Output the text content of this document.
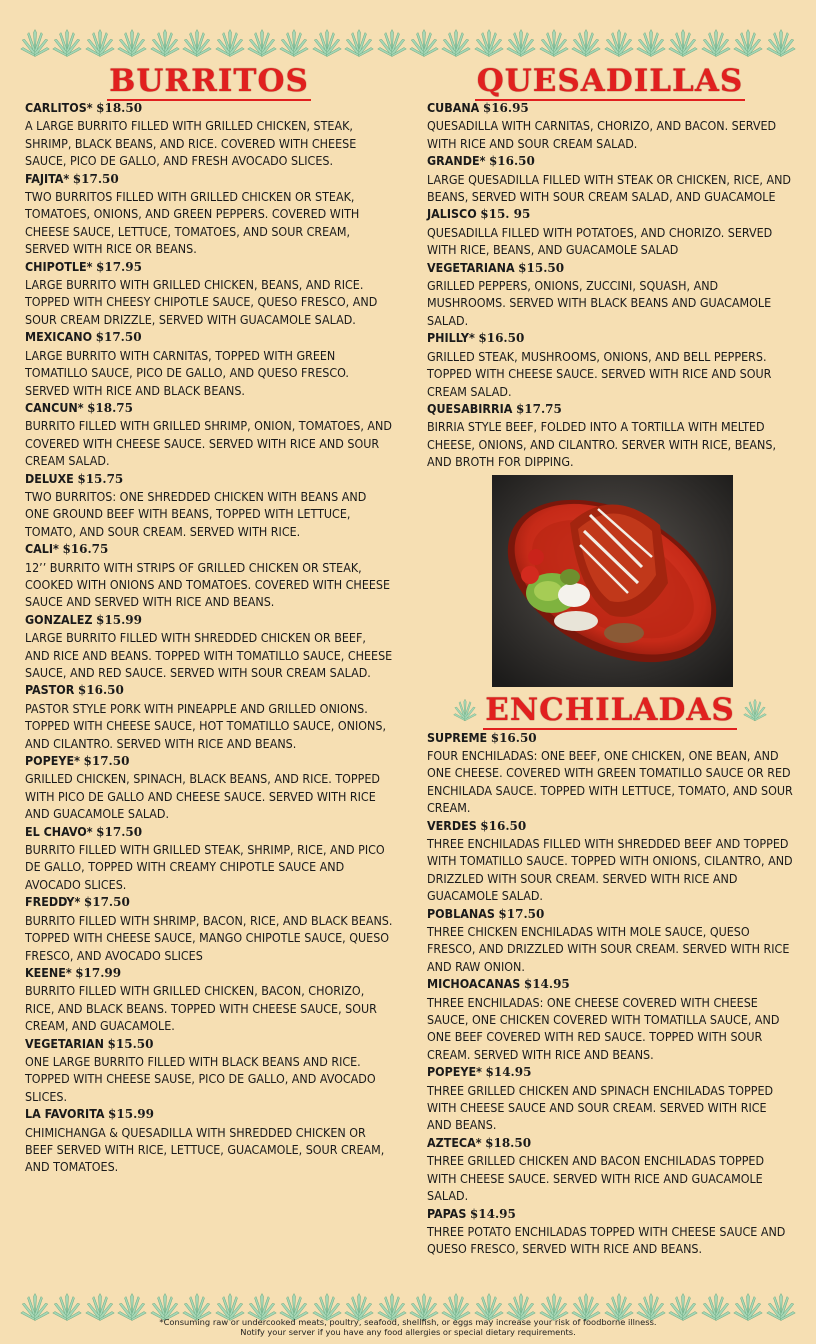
BURRITOS

CARLITOS* $18.50
A LARGE BURRITO FILLED WITH GRILLED CHICKEN, STEAK, SHRIMP, BLACK BEANS, AND RICE. COVERED WITH CHEESE SAUCE, PICO DE GALLO, AND FRESH AVOCADO SLICES.

FAJITA* $17.50
TWO BURRITOS FILLED WITH GRILLED CHICKEN OR STEAK, TOMATOES, ONIONS, AND GREEN PEPPERS. COVERED WITH CHEESE SAUCE, LETTUCE, TOMATOES, AND SOUR CREAM, SERVED WITH RICE OR BEANS.

CHIPOTLE* $17.95
LARGE BURRITO WITH GRILLED CHICKEN, BEANS, AND RICE. TOPPED WITH CHEESY CHIPOTLE SAUCE, QUESO FRESCO, AND SOUR CREAM DRIZZLE, SERVED WITH GUACAMOLE SALAD.

MEXICANO $17.50
LARGE BURRITO WITH CARNITAS, TOPPED WITH GREEN TOMATILLO SAUCE, PICO DE GALLO, AND QUESO FRESCO. SERVED WITH RICE AND BLACK BEANS.

CANCUN* $18.75
BURRITO FILLED WITH GRILLED SHRIMP, ONION, TOMATOES, AND COVERED WITH CHEESE SAUCE. SERVED WITH RICE AND SOUR CREAM SALAD.

DELUXE $15.75
TWO BURRITOS: ONE SHREDDED CHICKEN WITH BEANS AND ONE GROUND BEEF WITH BEANS, TOPPED WITH LETTUCE, TOMATO, AND SOUR CREAM. SERVED WITH RICE.

CALI* $16.75
12’’ BURRITO WITH STRIPS OF GRILLED CHICKEN OR STEAK, COOKED WITH ONIONS AND TOMATOES. COVERED WITH CHEESE SAUCE AND SERVED WITH RICE AND BEANS.

GONZALEZ $15.99
LARGE BURRITO FILLED WITH SHREDDED CHICKEN OR BEEF, AND RICE AND BEANS. TOPPED WITH TOMATILLO SAUCE, CHEESE SAUCE, AND RED SAUCE. SERVED WITH SOUR CREAM SALAD.

PASTOR $16.50
PASTOR STYLE PORK WITH PINEAPPLE AND GRILLED ONIONS. TOPPED WITH CHEESE SAUCE, HOT TOMATILLO SAUCE, ONIONS, AND CILANTRO. SERVED WITH RICE AND BEANS.

POPEYE* $17.50
GRILLED CHICKEN, SPINACH, BLACK BEANS, AND RICE. TOPPED WITH PICO DE GALLO AND CHEESE SAUCE. SERVED WITH RICE AND GUACAMOLE SALAD.

EL CHAVO* $17.50
BURRITO FILLED WITH GRILLED STEAK, SHRIMP, RICE, AND PICO DE GALLO, TOPPED WITH CREAMY CHIPOTLE SAUCE AND AVOCADO SLICES.

FREDDY* $17.50
BURRITO FILLED WITH SHRIMP, BACON, RICE, AND BLACK BEANS. TOPPED WITH CHEESE SAUCE, MANGO CHIPOTLE SAUCE, QUESO FRESCO, AND AVOCADO SLICES

KEENE* $17.99
BURRITO FILLED WITH GRILLED CHICKEN, BACON, CHORIZO, RICE, AND BLACK BEANS. TOPPED WITH CHEESE SAUCE, SOUR CREAM, AND GUACAMOLE.

VEGETARIAN $15.50
ONE LARGE BURRITO FILLED WITH BLACK BEANS AND RICE. TOPPED WITH CHEESE SAUSE, PICO DE GALLO, AND AVOCADO SLICES.

LA FAVORITA $15.99
CHIMICHANGA & QUESADILLA WITH SHREDDED CHICKEN OR BEEF SERVED WITH RICE, LETTUCE, GUACAMOLE, SOUR CREAM, AND TOMATOES.

QUESADILLAS

CUBANA $16.95
QUESADILLA WITH CARNITAS, CHORIZO, AND BACON. SERVED WITH RICE AND SOUR CREAM SALAD.

GRANDE* $16.50
LARGE QUESADILLA FILLED WITH STEAK OR CHICKEN, RICE, AND BEANS, SERVED WITH SOUR CREAM SALAD, AND GUACAMOLE

JALISCO $15. 95
QUESADILLA FILLED WITH POTATOES, AND CHORIZO. SERVED WITH RICE, BEANS, AND GUACAMOLE SALAD

VEGETARIANA $15.50
GRILLED PEPPERS, ONIONS, ZUCCINI, SQUASH, AND MUSHROOMS. SERVED WITH BLACK BEANS AND GUACAMOLE SALAD.

PHILLY* $16.50
GRILLED STEAK, MUSHROOMS, ONIONS, AND BELL PEPPERS. TOPPED WITH CHEESE SAUCE. SERVED WITH RICE AND SOUR CREAM SALAD.

QUESABIRRIA $17.75
BIRRIA STYLE BEEF, FOLDED INTO A TORTILLA WITH MELTED CHEESE, ONIONS, AND CILANTRO. SERVER WITH RICE, BEANS, AND BROTH FOR DIPPING.

ENCHILADAS

SUPREME $16.50
FOUR ENCHILADAS: ONE BEEF, ONE CHICKEN, ONE BEAN, AND ONE CHEESE. COVERED WITH GREEN TOMATILLO SAUCE OR RED ENCHILADA SAUCE. TOPPED WITH LETTUCE, TOMATO, AND SOUR CREAM.

VERDES $16.50
THREE ENCHILADAS FILLED WITH SHREDDED BEEF AND TOPPED WITH TOMATILLO SAUCE. TOPPED WITH ONIONS, CILANTRO, AND DRIZZLED WITH SOUR CREAM. SERVED WITH RICE AND GUACAMOLE SALAD.

POBLANAS $17.50
THREE CHICKEN ENCHILADAS WITH MOLE SAUCE, QUESO FRESCO, AND DRIZZLED WITH SOUR CREAM. SERVED WITH RICE AND RAW ONION.

MICHOACANAS $14.95
THREE ENCHILADAS: ONE CHEESE COVERED WITH CHEESE SAUCE, ONE CHICKEN COVERED WITH TOMATILLA SAUCE, AND ONE BEEF COVERED WITH RED SAUCE. TOPPED WITH SOUR CREAM. SERVED WITH RICE AND BEANS.

POPEYE* $14.95
THREE GRILLED CHICKEN AND SPINACH ENCHILADAS TOPPED WITH CHEESE SAUCE AND SOUR CREAM. SERVED WITH RICE AND BEANS.

AZTECA* $18.50
THREE GRILLED CHICKEN AND BACON ENCHILADAS TOPPED WITH CHEESE SAUCE. SERVED WITH RICE AND GUACAMOLE SALAD.

PAPAS $14.95
THREE POTATO ENCHILADAS TOPPED WITH CHEESE SAUCE AND QUESO FRESCO, SERVED WITH RICE AND BEANS.

*Consuming raw or undercooked meats, poultry, seafood, shellfish, or eggs may increase your risk of foodborne illness.
Notify your server if you have any food allergies or special dietary requirements.
